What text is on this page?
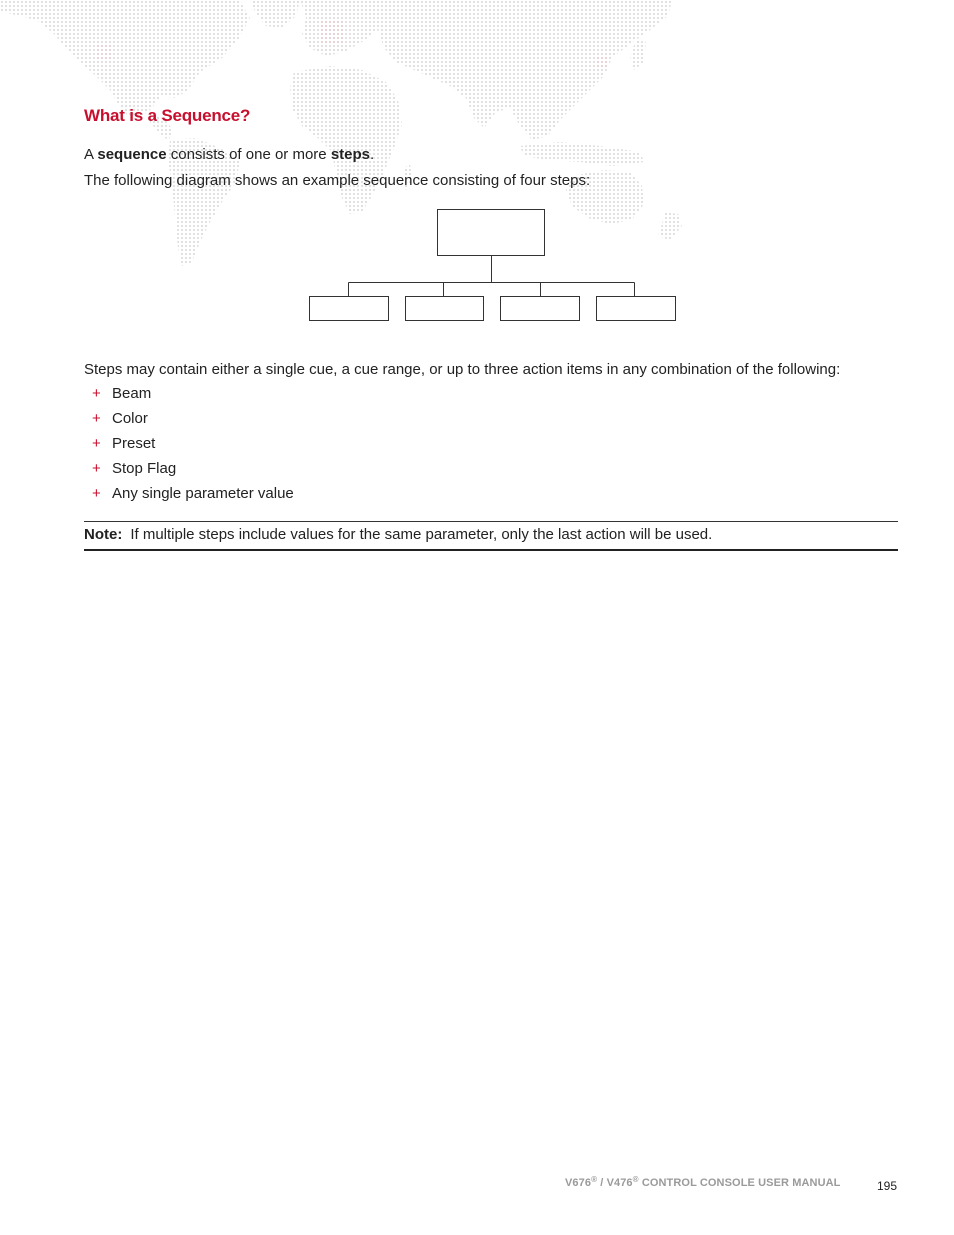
What is a Sequence?

A sequence consists of one or more steps.

The following diagram shows an example sequence consisting of four steps:

Steps may contain either a single cue, a cue range, or up to three action items in any combination of the following:

+ Beam
+ Color
+ Preset
+ Stop Flag
+ Any single parameter value
Note: If multiple steps include values for the same parameter, only the last action will be used.
V676® / V476® CONTROL CONSOLE USER MANUAL	195
